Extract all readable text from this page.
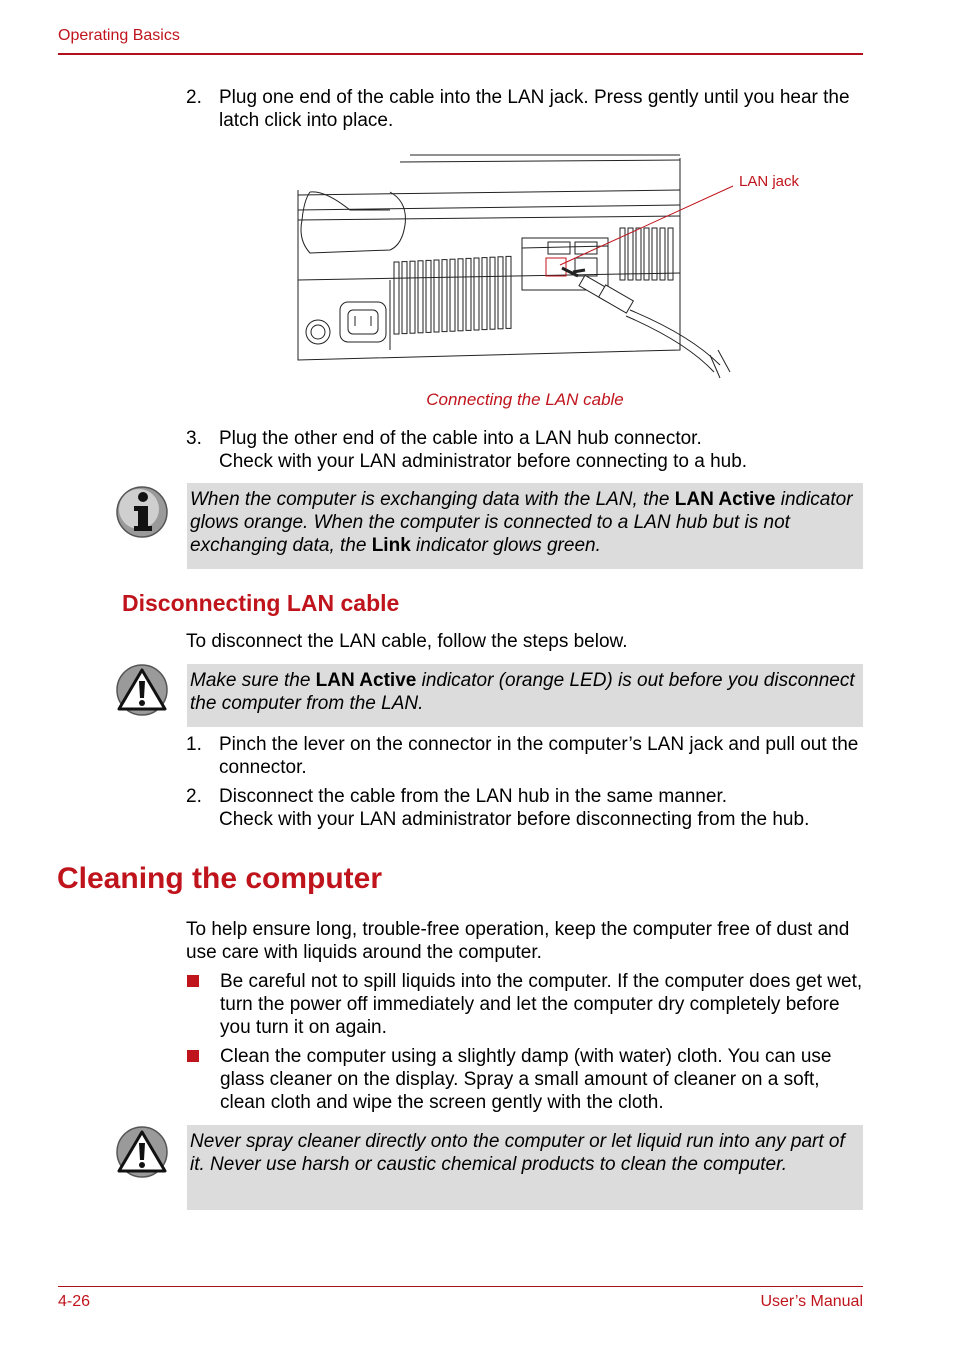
Operating Basics
2. Plug one end of the cable into the LAN jack. Press gently until you hear the latch click into place.
LAN jack
Connecting the LAN cable
3. Plug the other end of the cable into a LAN hub connector.
Check with your LAN administrator before connecting to a hub.
When the computer is exchanging data with the LAN, the LAN Active indicator glows orange. When the computer is connected to a LAN hub but is not exchanging data, the Link indicator glows green.
Disconnecting LAN cable
To disconnect the LAN cable, follow the steps below.
Make sure the LAN Active indicator (orange LED) is out before you disconnect the computer from the LAN.
1. Pinch the lever on the connector in the computer’s LAN jack and pull out the connector.
2. Disconnect the cable from the LAN hub in the same manner.
Check with your LAN administrator before disconnecting from the hub.
Cleaning the computer
To help ensure long, trouble-free operation, keep the computer free of dust and use care with liquids around the computer.
Be careful not to spill liquids into the computer. If the computer does get wet, turn the power off immediately and let the computer dry completely before you turn it on again.
Clean the computer using a slightly damp (with water) cloth. You can use glass cleaner on the display. Spray a small amount of cleaner on a soft, clean cloth and wipe the screen gently with the cloth.
Never spray cleaner directly onto the computer or let liquid run into any part of it. Never use harsh or caustic chemical products to clean the computer.
4-26	User’s Manual
